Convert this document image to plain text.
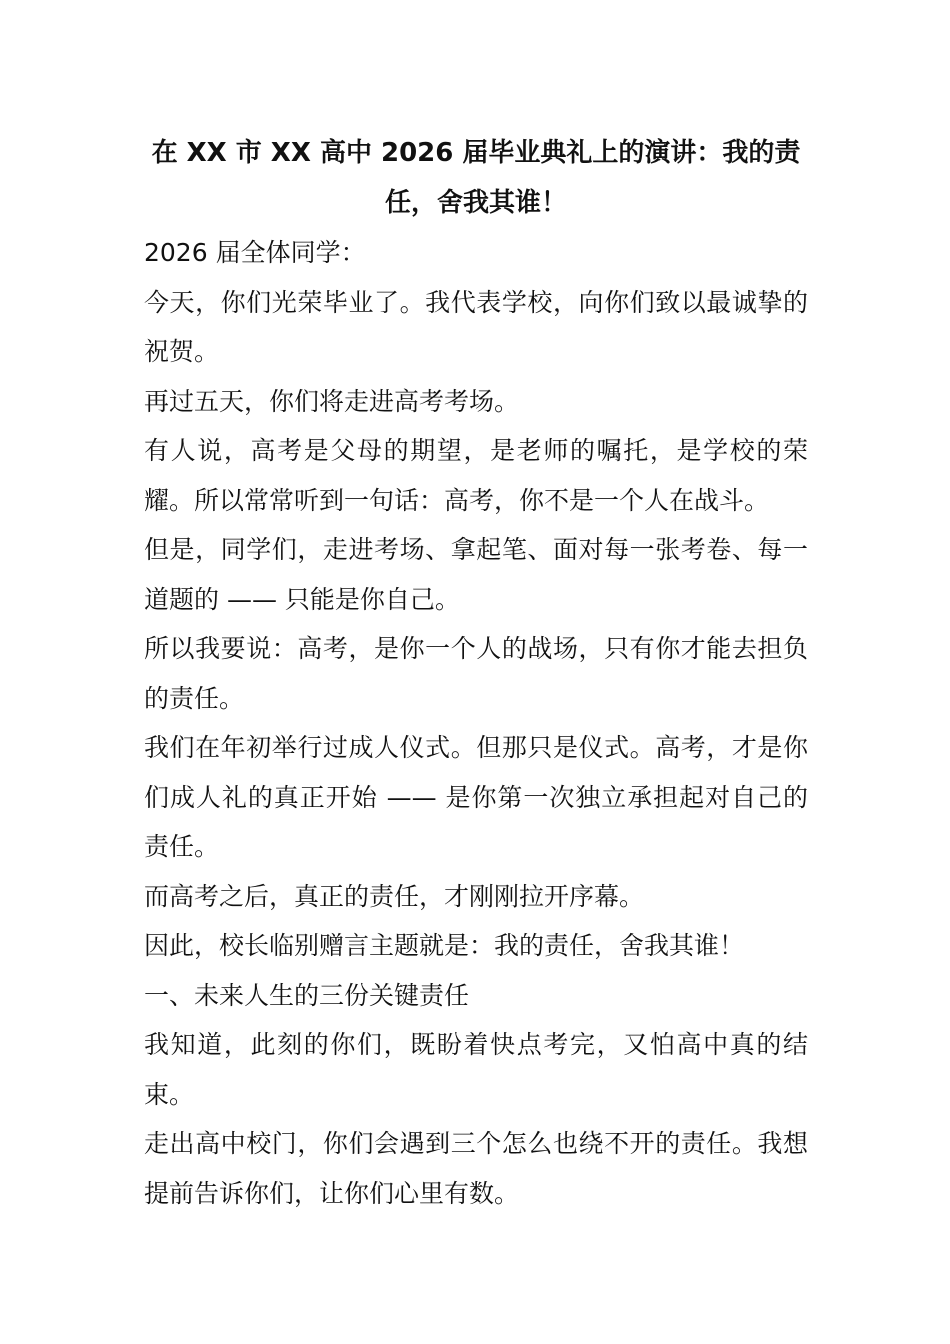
在 XX 市 XX 高中 2026 届毕业典礼上的演讲：我的责任，舍我其谁！

2026 届全体同学：

今天，你们光荣毕业了。我代表学校，向你们致以最诚挚的祝贺。

再过五天，你们将走进高考考场。

有人说，高考是父母的期望，是老师的嘱托，是学校的荣耀。所以常常听到一句话：高考，你不是一个人在战斗。

但是，同学们，走进考场、拿起笔、面对每一张考卷、每一道题的 —— 只能是你自己。

所以我要说：高考，是你一个人的战场，只有你才能去担负的责任。

我们在年初举行过成人仪式。但那只是仪式。高考，才是你们成人礼的真正开始 —— 是你第一次独立承担起对自己的责任。

而高考之后，真正的责任，才刚刚拉开序幕。

因此，校长临别赠言主题就是：我的责任，舍我其谁！

一、未来人生的三份关键责任

我知道，此刻的你们，既盼着快点考完，又怕高中真的结束。

走出高中校门，你们会遇到三个怎么也绕不开的责任。我想提前告诉你们，让你们心里有数。
